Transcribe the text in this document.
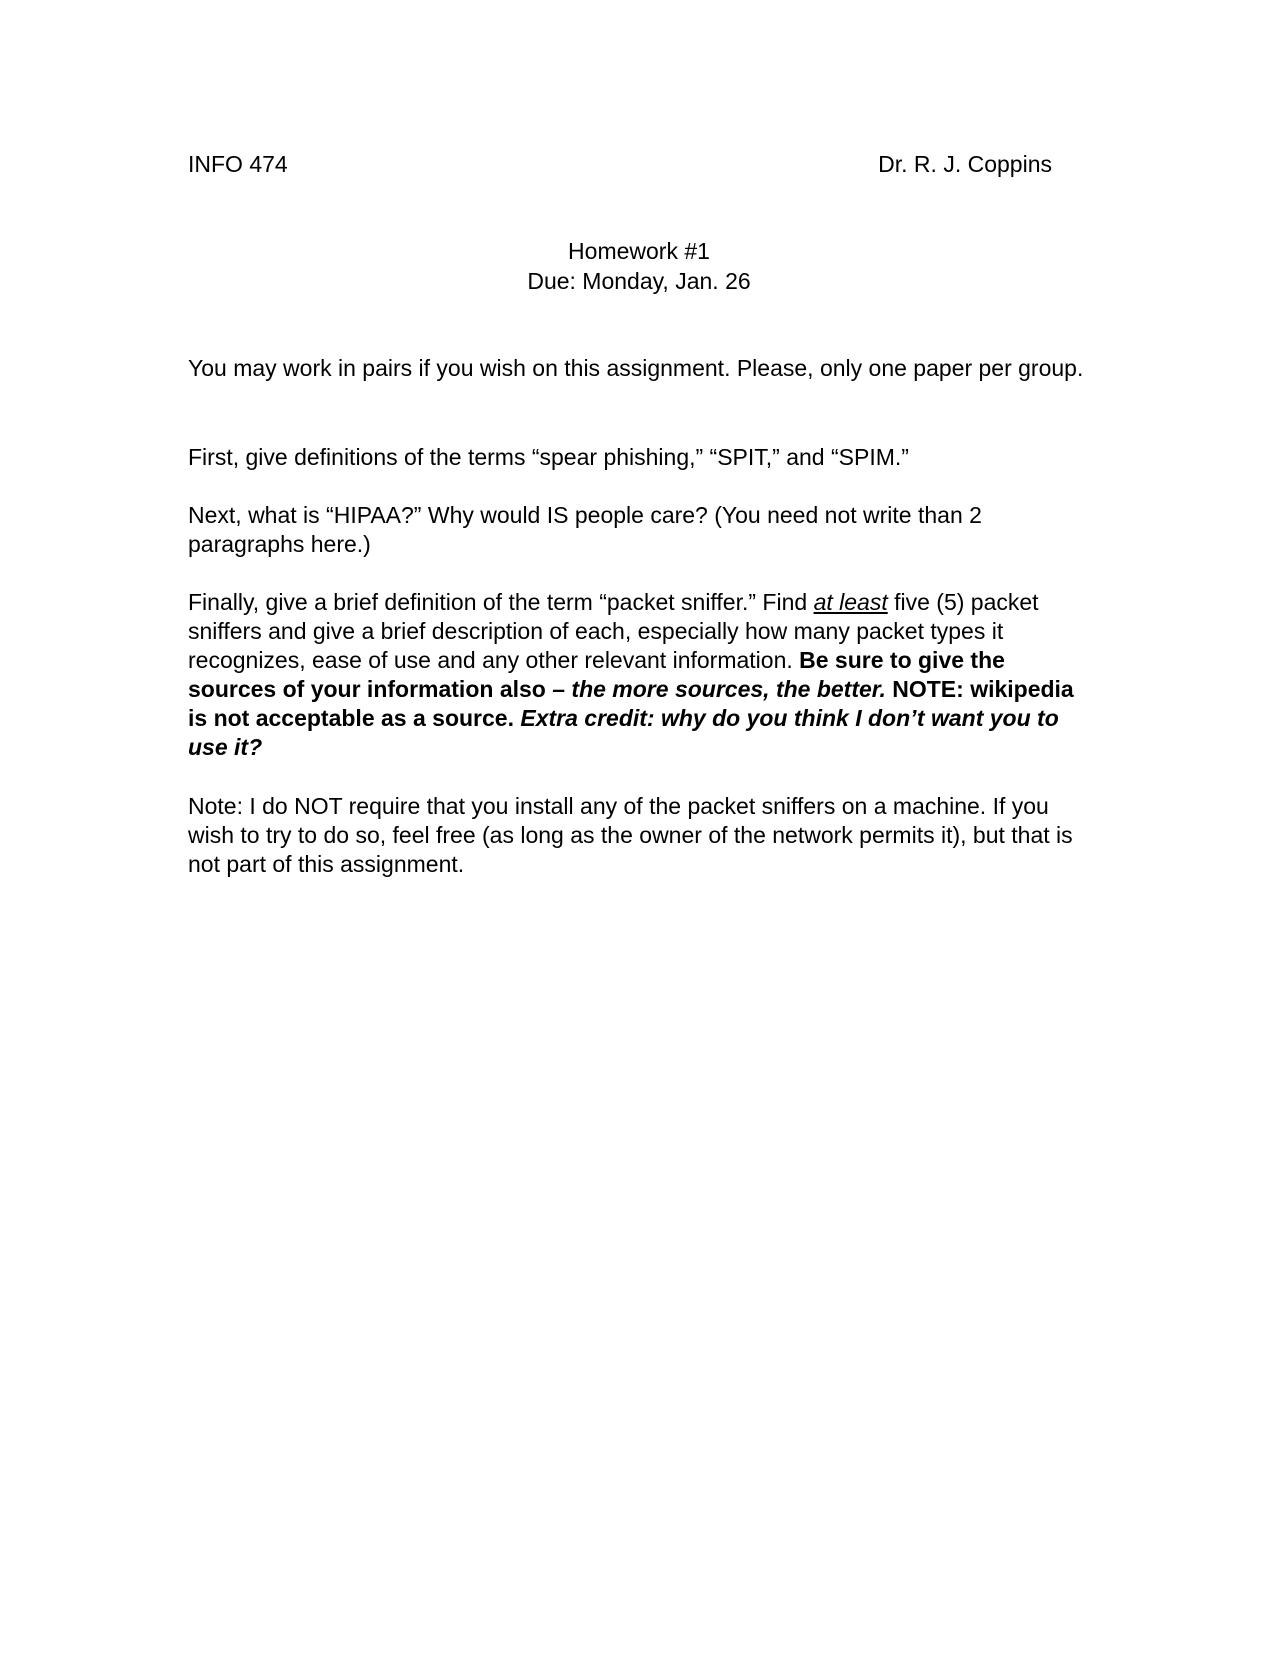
INFO 474	Dr. R. J. Coppins
Homework #1
Due: Monday, Jan. 26
You may work in pairs if you wish on this assignment. Please, only one paper per group.
First, give definitions of the terms “spear phishing,” “SPIT,” and “SPIM.”
Next, what is “HIPAA?” Why would IS people care? (You need not write than 2 paragraphs here.)
Finally, give a brief definition of the term “packet sniffer.” Find at least five (5) packet sniffers and give a brief description of each, especially how many packet types it recognizes, ease of use and any other relevant information. Be sure to give the sources of your information also – the more sources, the better. NOTE: wikipedia is not acceptable as a source. Extra credit: why do you think I don’t want you to use it?
Note: I do NOT require that you install any of the packet sniffers on a machine. If you wish to try to do so, feel free (as long as the owner of the network permits it), but that is not part of this assignment.
